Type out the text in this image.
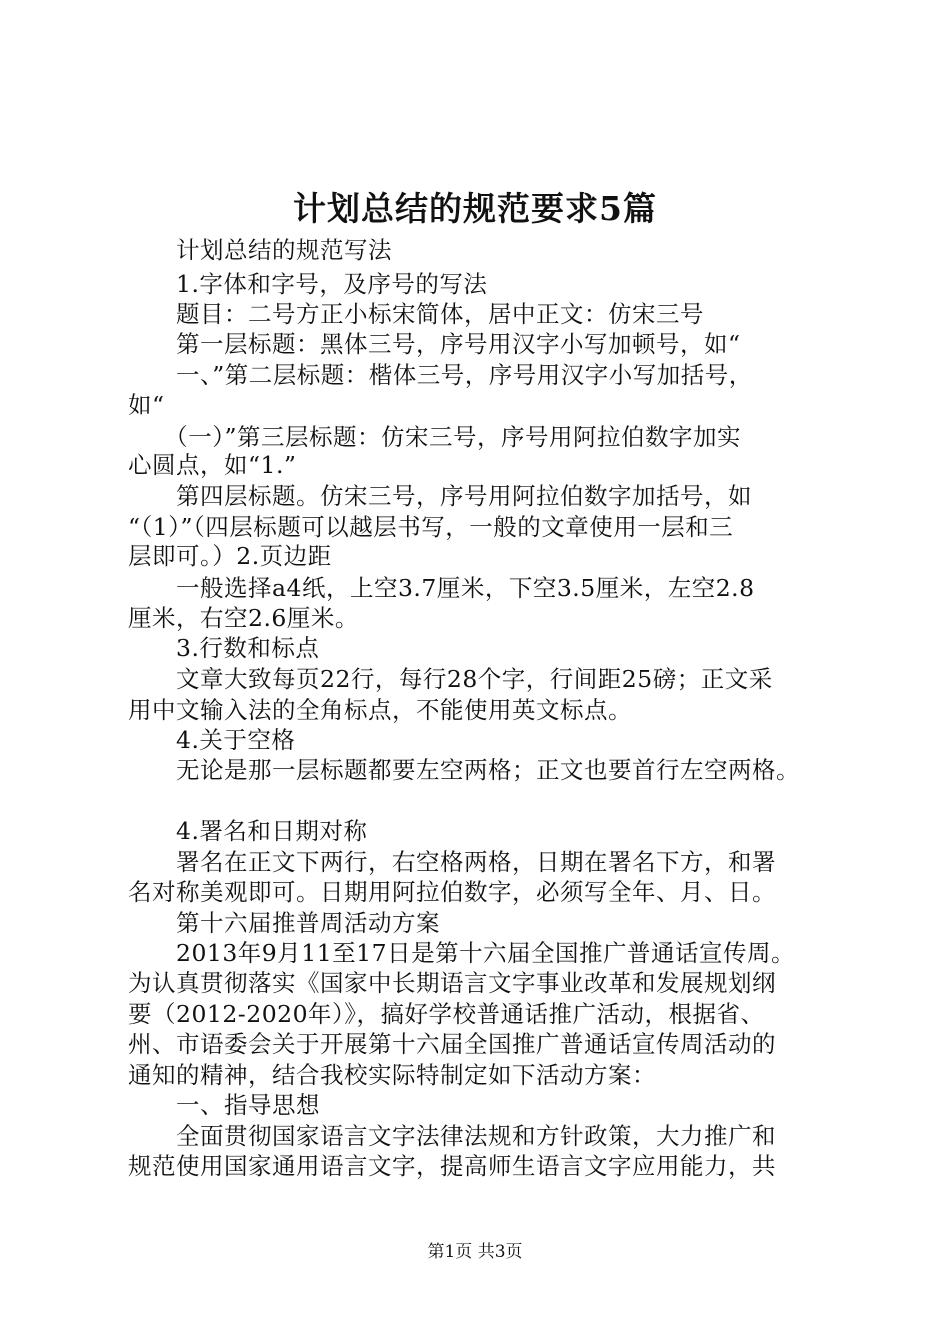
计划总结的规范要求5篇
　　计划总结的规范写法
　　1.字体和字号，及序号的写法
　　题目：二号方正小标宋简体，居中正文：仿宋三号
　　第一层标题：黑体三号，序号用汉字小写加顿号，如“
　　一、”第二层标题：楷体三号，序号用汉字小写加括号，
如“
　　（一）”第三层标题：仿宋三号，序号用阿拉伯数字加实
心圆点，如“1.”
　　第四层标题。仿宋三号，序号用阿拉伯数字加括号，如
“（1）”（四层标题可以越层书写，一般的文章使用一层和三
层即可。）2.页边距
　　一般选择a4纸，上空3.7厘米，下空3.5厘米，左空2.8
厘米，右空2.6厘米。
　　3.行数和标点
　　文章大致每页22行，每行28个字，行间距25磅；正文采
用中文输入法的全角标点，不能使用英文标点。
　　4.关于空格
　　无论是那一层标题都要左空两格；正文也要首行左空两格。
　　4.署名和日期对称
　　署名在正文下两行，右空格两格，日期在署名下方，和署
名对称美观即可。日期用阿拉伯数字，必须写全年、月、日。
　　第十六届推普周活动方案
　　2013年9月11至17日是第十六届全国推广普通话宣传周。
为认真贯彻落实《国家中长期语言文字事业改革和发展规划纲
要（2012-2020年）》，搞好学校普通话推广活动，根据省、
州、市语委会关于开展第十六届全国推广普通话宣传周活动的
通知的精神，结合我校实际特制定如下活动方案：
　　一、指导思想
　　全面贯彻国家语言文字法律法规和方针政策，大力推广和
规范使用国家通用语言文字，提高师生语言文字应用能力，共
第1页 共3页
